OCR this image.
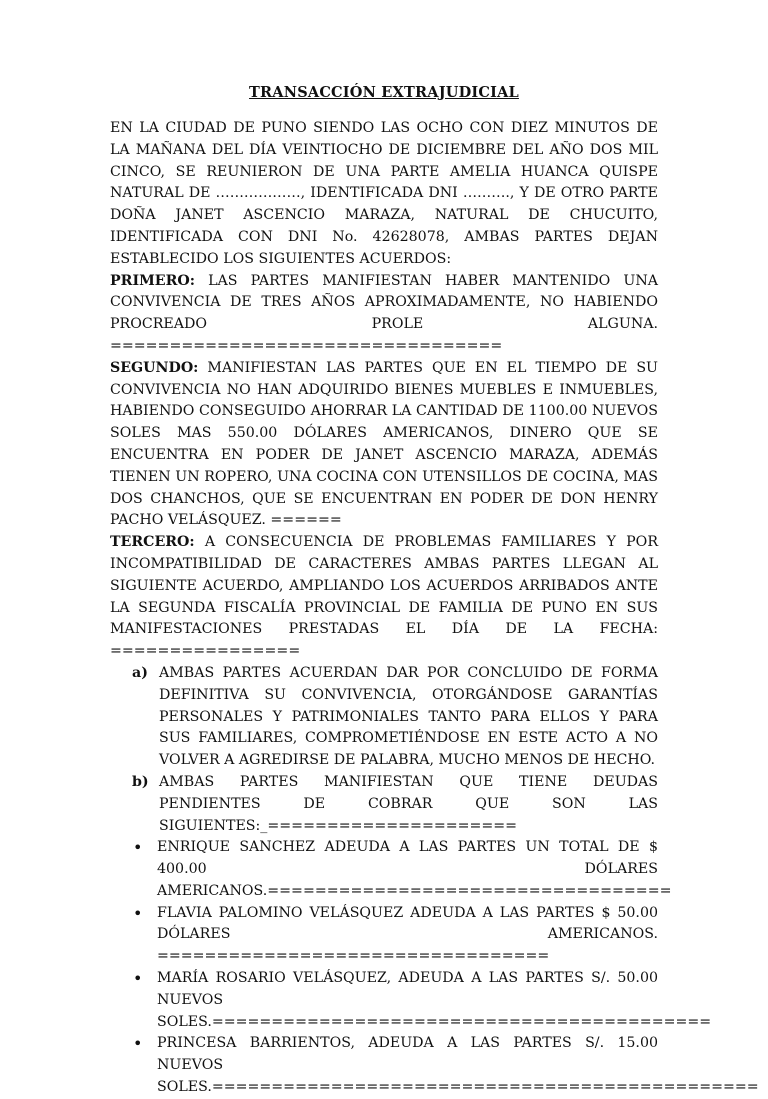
TRANSACCIÓN EXTRAJUDICIAL

EN LA CIUDAD DE PUNO SIENDO LAS OCHO CON DIEZ MINUTOS DE LA MAÑANA DEL DÍA VEINTIOCHO DE DICIEMBRE DEL AÑO DOS MIL CINCO, SE REUNIERON DE UNA PARTE AMELIA HUANCA QUISPE NATURAL DE ………………, IDENTIFICADA DNI ………., Y DE OTRO PARTE DOÑA JANET ASCENCIO MARAZA, NATURAL DE CHUCUITO, IDENTIFICADA CON DNI No. 42628078, AMBAS PARTES DEJAN ESTABLECIDO LOS SIGUIENTES ACUERDOS:

PRIMERO: LAS PARTES MANIFIESTAN HABER MANTENIDO UNA CONVIVENCIA DE TRES AÑOS APROXIMADAMENTE, NO HABIENDO PROCREADO PROLE ALGUNA. =================================

SEGUNDO: MANIFIESTAN LAS PARTES QUE EN EL TIEMPO DE SU CONVIVENCIA NO HAN ADQUIRIDO BIENES MUEBLES E INMUEBLES, HABIENDO CONSEGUIDO AHORRAR LA CANTIDAD DE 1100.00 NUEVOS SOLES MAS 550.00 DÓLARES AMERICANOS, DINERO QUE SE ENCUENTRA EN PODER DE JANET ASCENCIO MARAZA, ADEMÁS TIENEN UN ROPERO, UNA COCINA CON UTENSILLOS DE COCINA, MAS DOS CHANCHOS, QUE SE ENCUENTRAN EN PODER DE DON HENRY PACHO VELÁSQUEZ. ======

TERCERO: A CONSECUENCIA DE PROBLEMAS FAMILIARES Y POR INCOMPATIBILIDAD DE CARACTERES AMBAS PARTES LLEGAN AL SIGUIENTE ACUERDO, AMPLIANDO LOS ACUERDOS ARRIBADOS ANTE LA SEGUNDA FISCALÍA PROVINCIAL DE FAMILIA DE PUNO EN SUS MANIFESTACIONES PRESTADAS EL DÍA DE LA FECHA: ================

a) AMBAS PARTES ACUERDAN DAR POR CONCLUIDO DE FORMA DEFINITIVA SU CONVIVENCIA, OTORGÁNDOSE GARANTÍAS PERSONALES Y PATRIMONIALES TANTO PARA ELLOS Y PARA SUS FAMILIARES, COMPROMETIÉNDOSE EN ESTE ACTO A NO VOLVER A AGREDIRSE DE PALABRA, MUCHO MENOS DE HECHO.
b) AMBAS PARTES MANIFIESTAN QUE TIENE DEUDAS PENDIENTES DE COBRAR QUE SON LAS SIGUIENTES:_=====================
• ENRIQUE SANCHEZ ADEUDA A LAS PARTES UN TOTAL DE $ 400.00 DÓLARES AMERICANOS.==================================
• FLAVIA PALOMINO VELÁSQUEZ ADEUDA A LAS PARTES $ 50.00 DÓLARES AMERICANOS. =================================
• MARÍA ROSARIO VELÁSQUEZ, ADEUDA A LAS PARTES S/. 50.00 NUEVOS SOLES.==========================================
• PRINCESA BARRIENTOS, ADEUDA A LAS PARTES S/. 15.00 NUEVOS SOLES.==============================================
